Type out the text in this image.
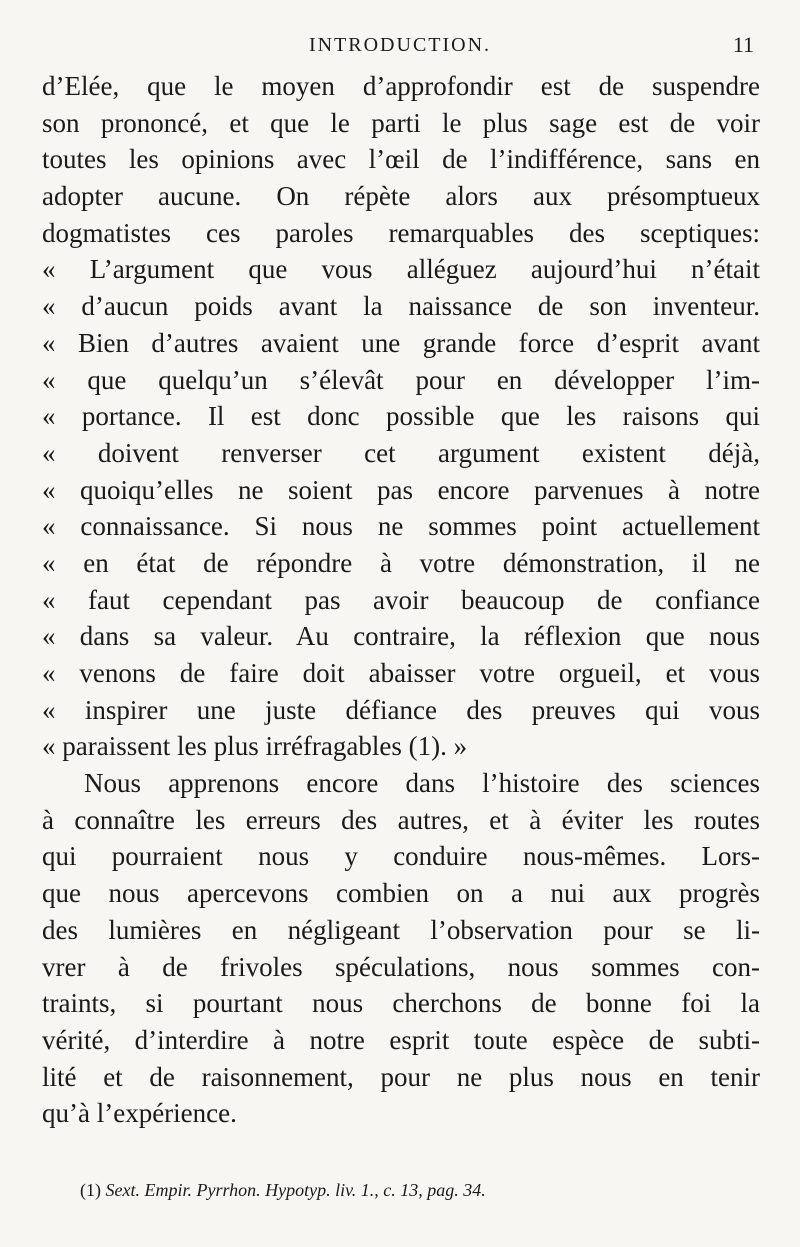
INTRODUCTION.	11
d’Elée, que le moyen d’approfondir est de suspendre
son prononcé, et que le parti le plus sage est de voir
toutes les opinions avec l’œil de l’indifférence, sans en
adopter aucune. On répète alors aux présomptueux
dogmatistes ces paroles remarquables des sceptiques:
« L’argument que vous alléguez aujourd’hui n’était
« d’aucun poids avant la naissance de son inventeur.
« Bien d’autres avaient une grande force d’esprit avant
« que quelqu’un s’élevât pour en développer l’im-
« portance. Il est donc possible que les raisons qui
« doivent renverser cet argument existent déjà,
« quoiqu’elles ne soient pas encore parvenues à notre
« connaissance. Si nous ne sommes point actuellement
« en état de répondre à votre démonstration, il ne
« faut cependant pas avoir beaucoup de confiance
« dans sa valeur. Au contraire, la réflexion que nous
« venons de faire doit abaisser votre orgueil, et vous
« inspirer une juste défiance des preuves qui vous
« paraissent les plus irréfragables (1). »
Nous apprenons encore dans l’histoire des sciences
à connaître les erreurs des autres, et à éviter les routes
qui pourraient nous y conduire nous-mêmes. Lors-
que nous apercevons combien on a nui aux progrès
des lumières en négligeant l’observation pour se li-
vrer à de frivoles spéculations, nous sommes con-
traints, si pourtant nous cherchons de bonne foi la
vérité, d’interdire à notre esprit toute espèce de subti-
lité et de raisonnement, pour ne plus nous en tenir
qu’à l’expérience.
(1) Sext. Empir. Pyrrhon. Hypotyp. liv. 1., c. 13, pag. 34.
